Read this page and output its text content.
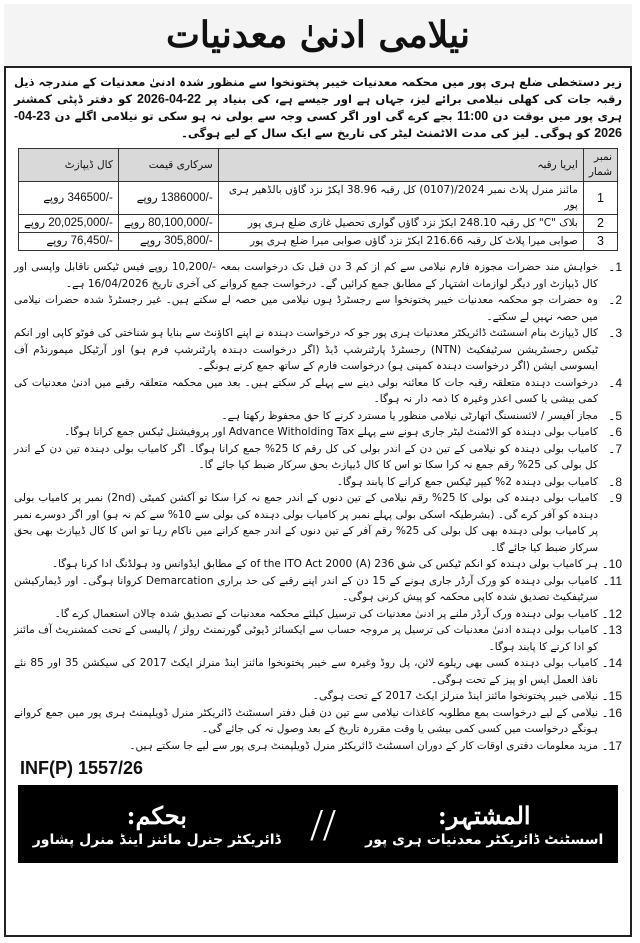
نیلامی ادنیٰ معدنیات
زیر دستخطی ضلع ہری پور میں محکمہ معدنیات خیبر پختونخوا سے منظور شدہ ادنیٰ معدنیات کے مندرجہ ذیل رقبہ جات کی کھلی نیلامی برائے لیز، جہاں ہے اور جیسے ہے، کی بنیاد پر 22-04-2026 کو دفتر ڈپٹی کمشنر ہری پور میں بوقت دن 11:00 بجے کرے گی اور اگر کسی وجہ سے بولی نہ ہو سکی تو نیلامی اگلے دن 23-04-2026 کو ہوگی۔ لیز کی مدت الاٹمنٹ لیٹر کی تاریخ سے ایک سال کے لیے ہوگی۔
نمبر شمار	ایریا رقبہ	سرکاری قیمت	کال ڈیپازٹ
1	مائنز منرل پلاٹ نمبر 2024/(0107) کل رقبہ 38.96 ایکڑ نزد گاؤں بالڈھیر ہری پور	-/1386000 روپے	-/346500 روپے
2	بلاک "C" کل رقبہ 248.10 ایکڑ نزد گاؤں گواری تحصیل غازی ضلع ہری پور	-/80,100,000 روپے	-/20,025,000 روپے
3	صوابی میرا پلاٹ کل رقبہ 216.66 ایکڑ نزد گاؤں صوابی میرا ضلع ہری پور	-/305,800 روپے	-/76,450 روپے
1۔
خواہش مند حضرات مجوزہ فارم نیلامی سے کم از کم 3 دن قبل تک درخواست بمعہ -/10,200 روپے فیس ٹیکس ناقابل واپسی اور کال ڈیپازٹ اور دیگر لوازمات اشتہار کے مطابق جمع کرائیں گے۔ درخواست جمع کروانے کی آخری تاریخ 16/04/2026 ہے۔
2۔
وہ حضرات جو محکمہ معدنیات خیبر پختونخوا سے رجسٹرڈ ہوں نیلامی میں حصہ لے سکتے ہیں۔ غیر رجسٹرڈ شدہ حضرات نیلامی میں حصہ نہیں لے سکتے۔
3۔
کال ڈیپازٹ بنام اسسٹنٹ ڈائریکٹر معدنیات ہری پور جو کہ درخواست دہندہ نے اپنے اکاؤنٹ سے بنایا ہو شناختی کی فوٹو کاپی اور انکم ٹیکس رجسٹریشن سرٹیفکیٹ (NTN) رجسٹرڈ پارٹنرشپ ڈیڈ (اگر درخواست دہندہ پارٹنرشپ فرم ہو) اور آرٹیکل میمورنڈم آف ایسوسی ایشن (اگر درخواست دہندہ کمپنی ہو) درخواست فارم کے ساتھ جمع کرنے ہونگے۔
4۔
درخواست دہندہ متعلقہ رقبہ جات کا معائنہ بولی دینے سے پہلے کر سکتے ہیں۔ بعد میں محکمہ متعلقہ رقبے میں ادنیٰ معدنیات کی کمی بیشی یا کسی اعذر وغیرہ کا ذمہ دار نہ ہوگا۔
5۔
مجاز آفیسر / لائسنسنگ اتھارٹی نیلامی منظور یا مسترد کرنے کا حق محفوظ رکھتا ہے۔
6۔
کامیاب بولی دہندہ کو الاٹمنٹ لیٹر جاری ہونے سے پہلے Advance Witholding Tax اور پروفیشنل ٹیکس جمع کرانا ہوگا۔
7۔
کامیاب بولی دہندہ کو نیلامی کے تین دن کے اندر بولی کی کل رقم کا 25% جمع کرانا ہوگا۔ اگر کامیاب بولی دہندہ تین دن کے اندر کل بولی کی 25% رقم جمع نہ کرا سکا تو اس کا کال ڈیپازٹ بحق سرکار ضبط کیا جائے گا۔
8۔
کامیاب بولی دہندہ 2% کیپر ٹیکس جمع کرانے کا پابند ہوگا۔
9۔
کامیاب بولی دہندہ کی بولی کا 25% رقم نیلامی کے تین دنوں کے اندر جمع نہ کرا سکا تو آکشن کمیٹی (2nd) نمبر پر کامیاب بولی دہندہ کو آفر کرے گی۔ (بشرطیکہ اسکی بولی پہلے نمبر پر کامیاب بولی دہندہ کی بولی سے 10% سے کم نہ ہو) اور اگر دوسرے نمبر پر کامیاب بولی دہندہ بھی کل بولی کی 25% رقم آفر کے تین دنوں کے اندر جمع کرانے میں ناکام رہا تو اس کا کال ڈیپازٹ بھی بحق سرکار ضبط کیا جائے گا۔
10۔
ہر کامیاب بولی دہندہ کو انکم ٹیکس کی شق 236 (A) of the ITO Act 2000 کے مطابق ایڈوانس ود ہولڈنگ ادا کرنا ہوگا۔
11۔
کامیاب بولی دہندہ کو ورک آرڈر جاری ہونے کے 15 دن کے اندر اپنے رقبے کی حد براری Demarcation کروانا ہوگی۔ اور ڈیمارکیشن سرٹیفکیٹ تصدیق شدہ کاپی محکمہ کو پیش کرنی ہوگی۔
12۔
کامیاب بولی دہندہ ورک آرڈر ملنے پر ادنیٰ معدنیات کی ترسیل کیلئے محکمہ معدنیات کے تصدیق شدہ چالان استعمال کرے گا۔
13۔
کامیاب بولی دہندہ ادنیٰ معدنیات کی ترسیل پر مروجہ حساب سے ایکسائز ڈیوٹی گورنمنٹ رولز / پالیسی کے تحت کمشنریٹ آف مائنز کو ادا کرنے کا پابند ہوگا۔
14۔
کامیاب بولی دہندہ کسی بھی ریلوے لائن، پل روڈ وغیرہ سے خیبر پختونخوا مائنز اینڈ منرلز ایکٹ 2017 کی سیکشن 35 اور 85 نئے نافذ العمل ایس او پیز کے تحت ہوگی۔
15۔
نیلامی خیبر پختونخوا مائنز اینڈ منرلز ایکٹ 2017 کے تحت ہوگی۔
16۔
نیلامی کے لیے درخواست بمع مطلوبہ کاغذات نیلامی سے تین دن قبل دفتر اسسٹنٹ ڈائریکٹر منرل ڈویلپمنٹ ہری پور میں جمع کروانے ہونگے درخواست میں کسی کمی بیشی یا وقت مقررہ تاریخ کے بعد وصول نہ کی جائے گی۔
17۔
مزید معلومات دفتری اوقات کار کے دوران اسسٹنٹ ڈائریکٹر منرل ڈویلپمنٹ ہری پور سے لیے جا سکتے ہیں۔
INF(P) 1557/26
المشتہر:
اسسٹنٹ ڈائریکٹر معدنیات ہری پور
//
بحکم:
ڈائریکٹر جنرل مائنز اینڈ منرل پشاور
